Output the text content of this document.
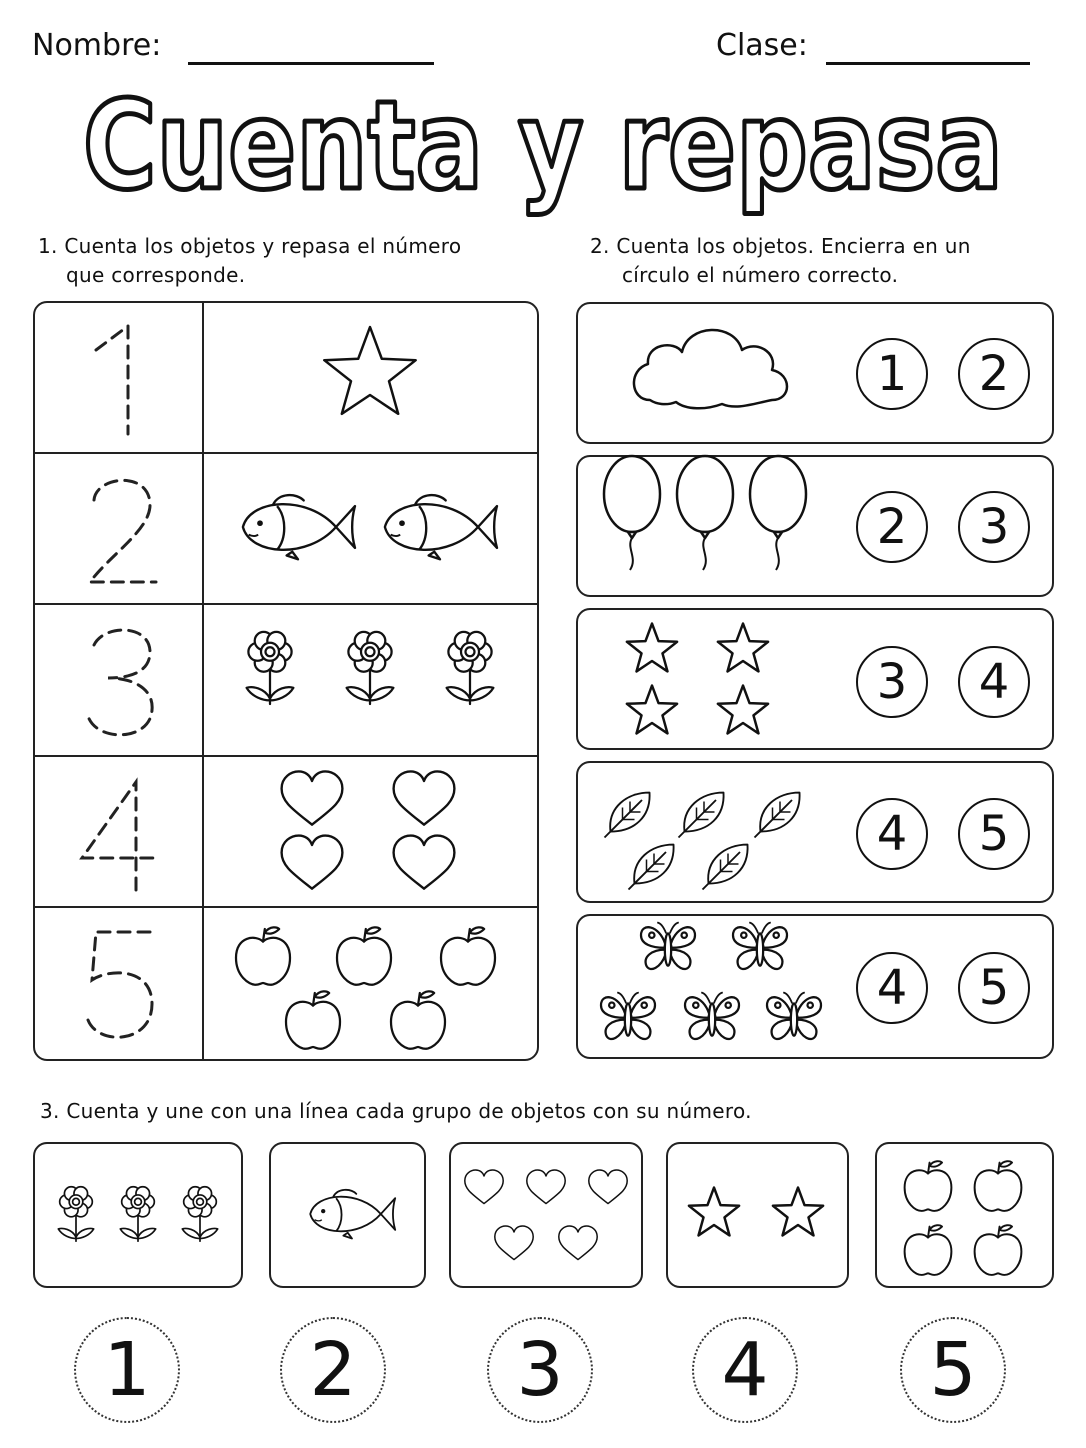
Nombre:	Clase:
Cuenta y repasa
1. Cuenta los objetos y repasa el número
que corresponde.
2. Cuenta los objetos. Encierra en un
círculo el número correcto.
1	2
2	3
3	4
4	5
4	5
3. Cuenta y une con una línea cada grupo de objetos con su número.
1	2	3	4	5
